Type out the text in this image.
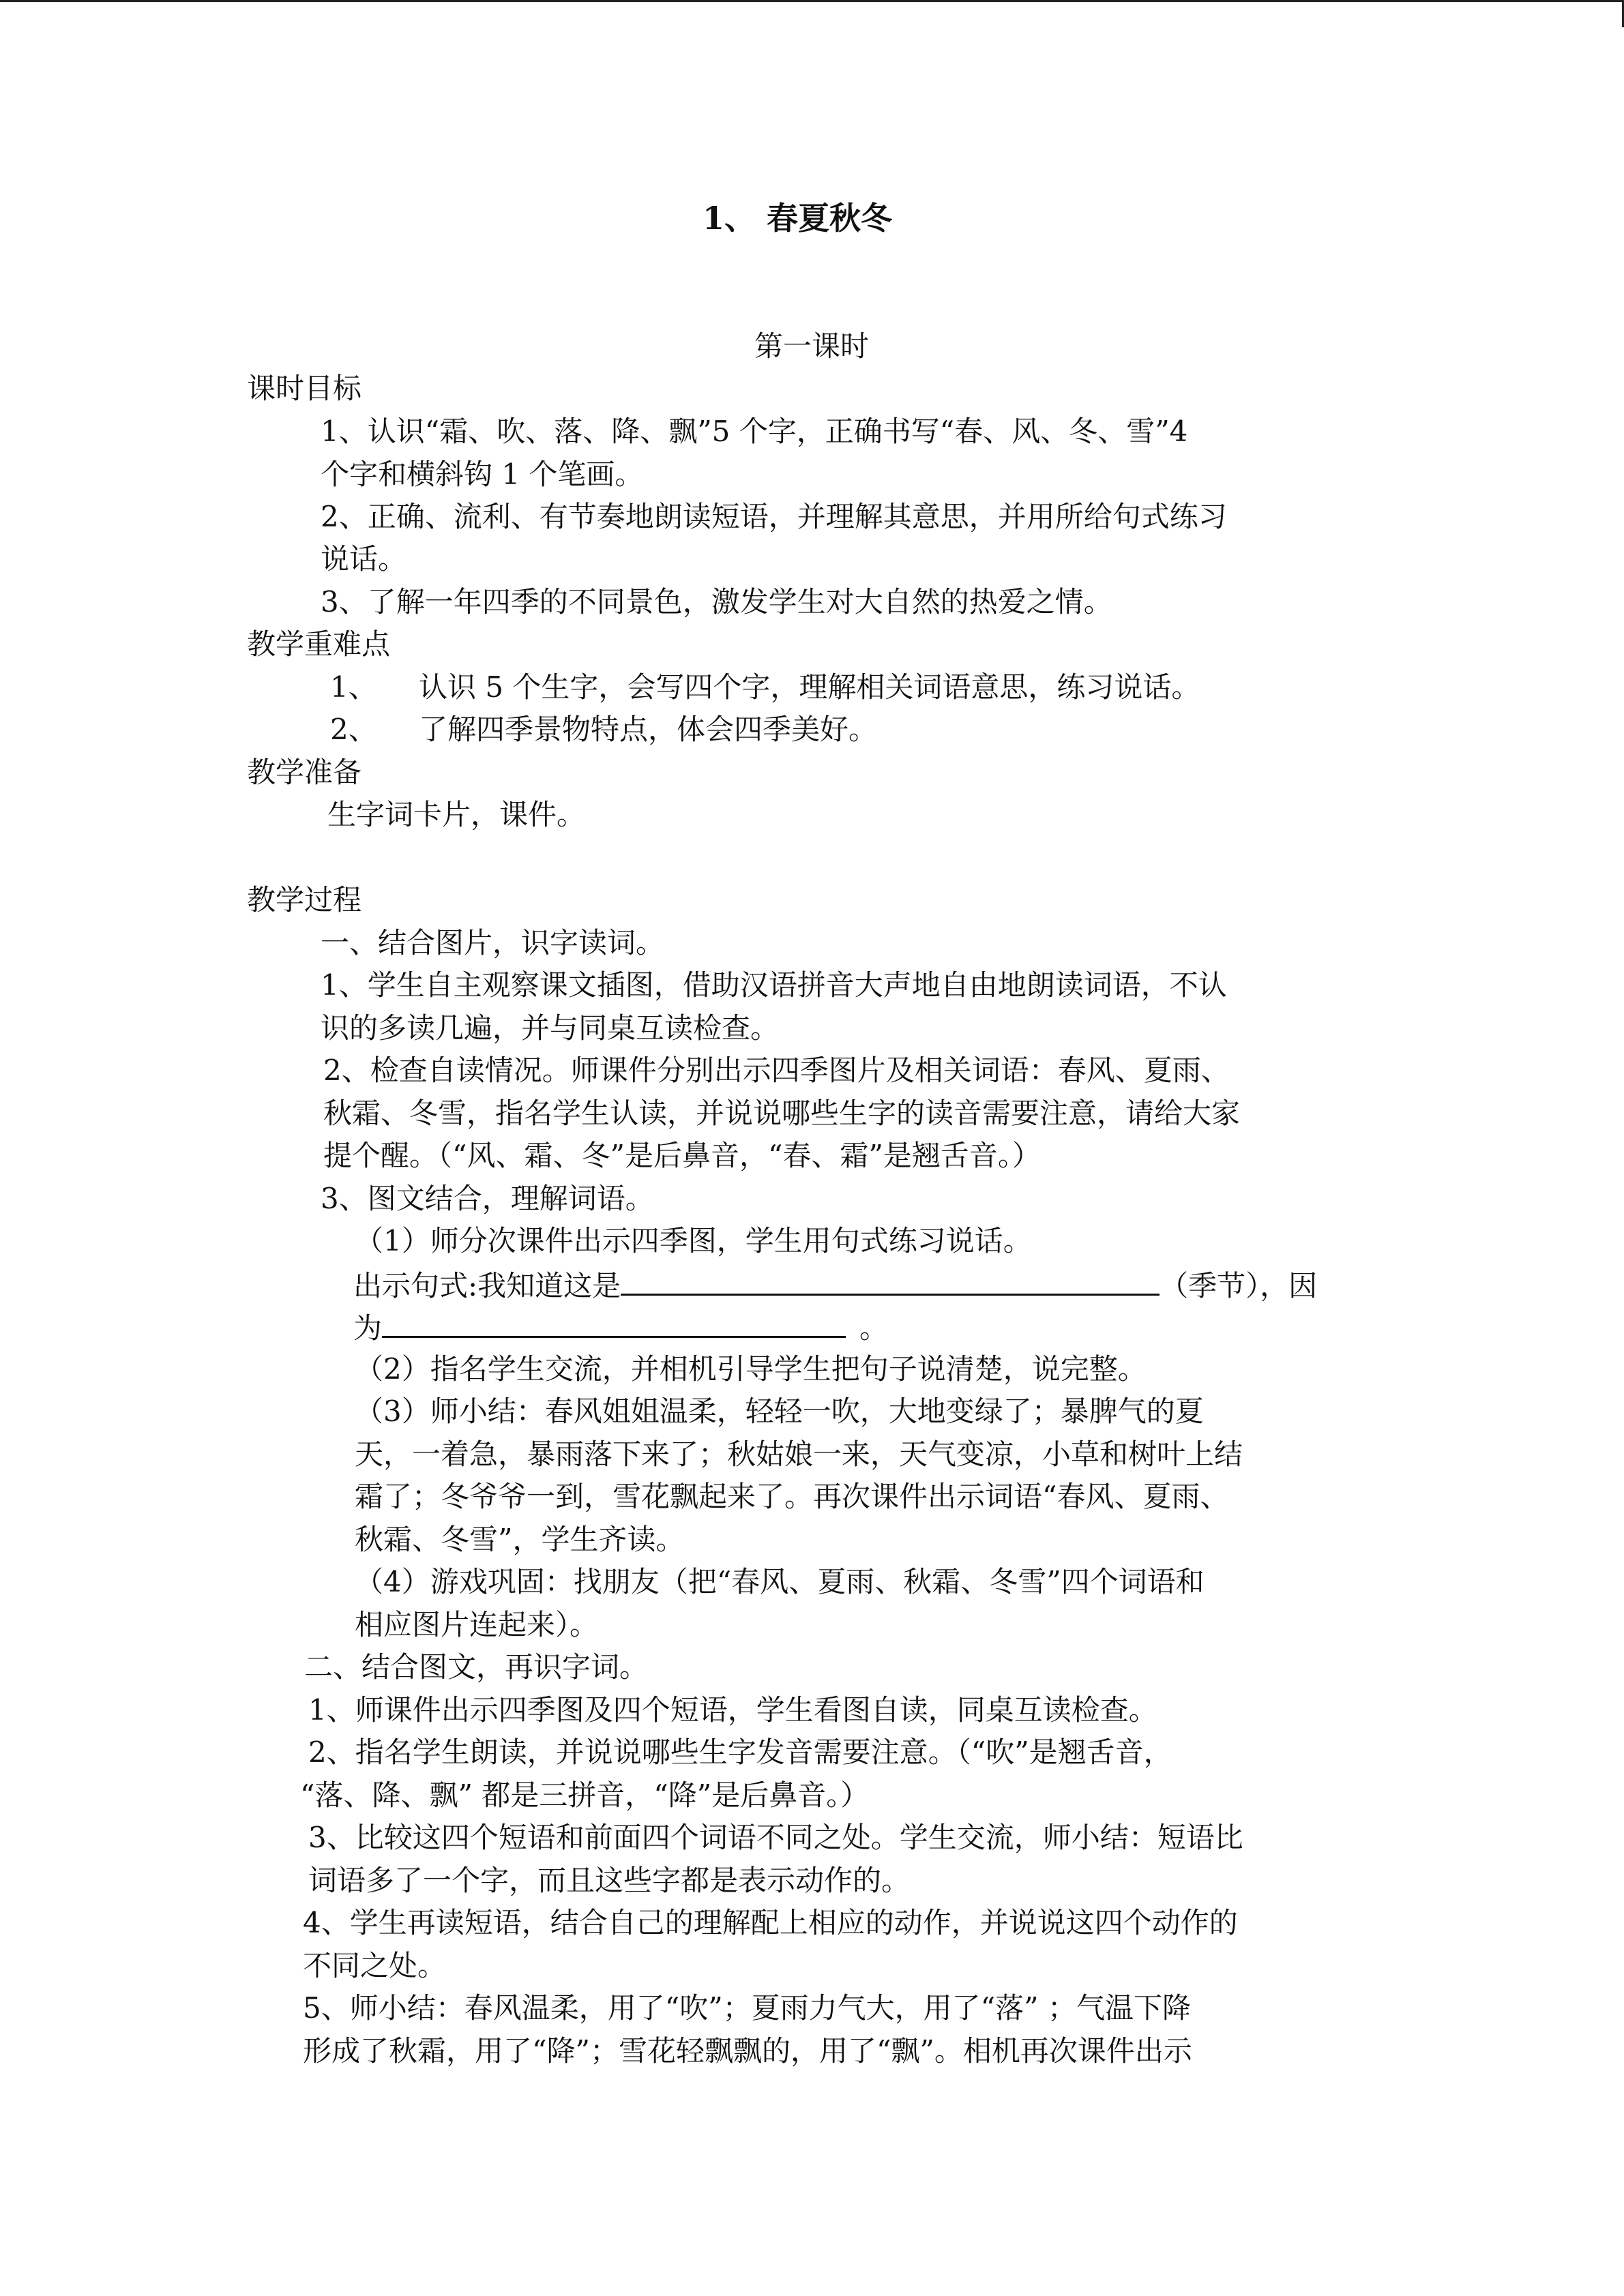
1、 春夏秋冬
第一课时
课时目标
1、认识“霜、吹、落、降、飘”5 个字，正确书写“春、风、冬、雪”4
个字和横斜钩 1 个笔画。
2、正确、流利、有节奏地朗读短语，并理解其意思，并用所给句式练习
说话。
3、了解一年四季的不同景色，激发学生对大自然的热爱之情。
教学重难点
1、 认识 5 个生字，会写四个字，理解相关词语意思，练习说话。
2、 了解四季景物特点，体会四季美好。
教学准备
生字词卡片，课件。
教学过程
一、结合图片，识字读词。
1、学生自主观察课文插图，借助汉语拼音大声地自由地朗读词语，不认
识的多读几遍，并与同桌互读检查。
2、检查自读情况。师课件分别出示四季图片及相关词语：春风、夏雨、
秋霜、冬雪，指名学生认读，并说说哪些生字的读音需要注意，请给大家
提个醒。（“风、霜、冬”是后鼻音，“春、霜”是翘舌音。）
3、图文结合，理解词语。
（1）师分次课件出示四季图，学生用句式练习说话。
出示句式:我知道这是	（季节），因
为	。
（2）指名学生交流，并相机引导学生把句子说清楚，说完整。
（3）师小结：春风姐姐温柔，轻轻一吹，大地变绿了；暴脾气的夏
天，一着急，暴雨落下来了；秋姑娘一来，天气变凉，小草和树叶上结
霜了；冬爷爷一到，雪花飘起来了。再次课件出示词语“春风、夏雨、
秋霜、冬雪”，学生齐读。
（4）游戏巩固：找朋友（把“春风、夏雨、秋霜、冬雪”四个词语和
相应图片连起来）。
二、结合图文，再识字词。
1、师课件出示四季图及四个短语，学生看图自读，同桌互读检查。
2、指名学生朗读，并说说哪些生字发音需要注意。（“吹”是翘舌音，
“落、降、飘” 都是三拼音，“降”是后鼻音。）
3、比较这四个短语和前面四个词语不同之处。学生交流，师小结：短语比
词语多了一个字，而且这些字都是表示动作的。
4、学生再读短语，结合自己的理解配上相应的动作，并说说这四个动作的
不同之处。
5、师小结：春风温柔，用了“吹”；夏雨力气大，用了“落” ；气温下降
形成了秋霜，用了“降”；雪花轻飘飘的，用了“飘”。相机再次课件出示
